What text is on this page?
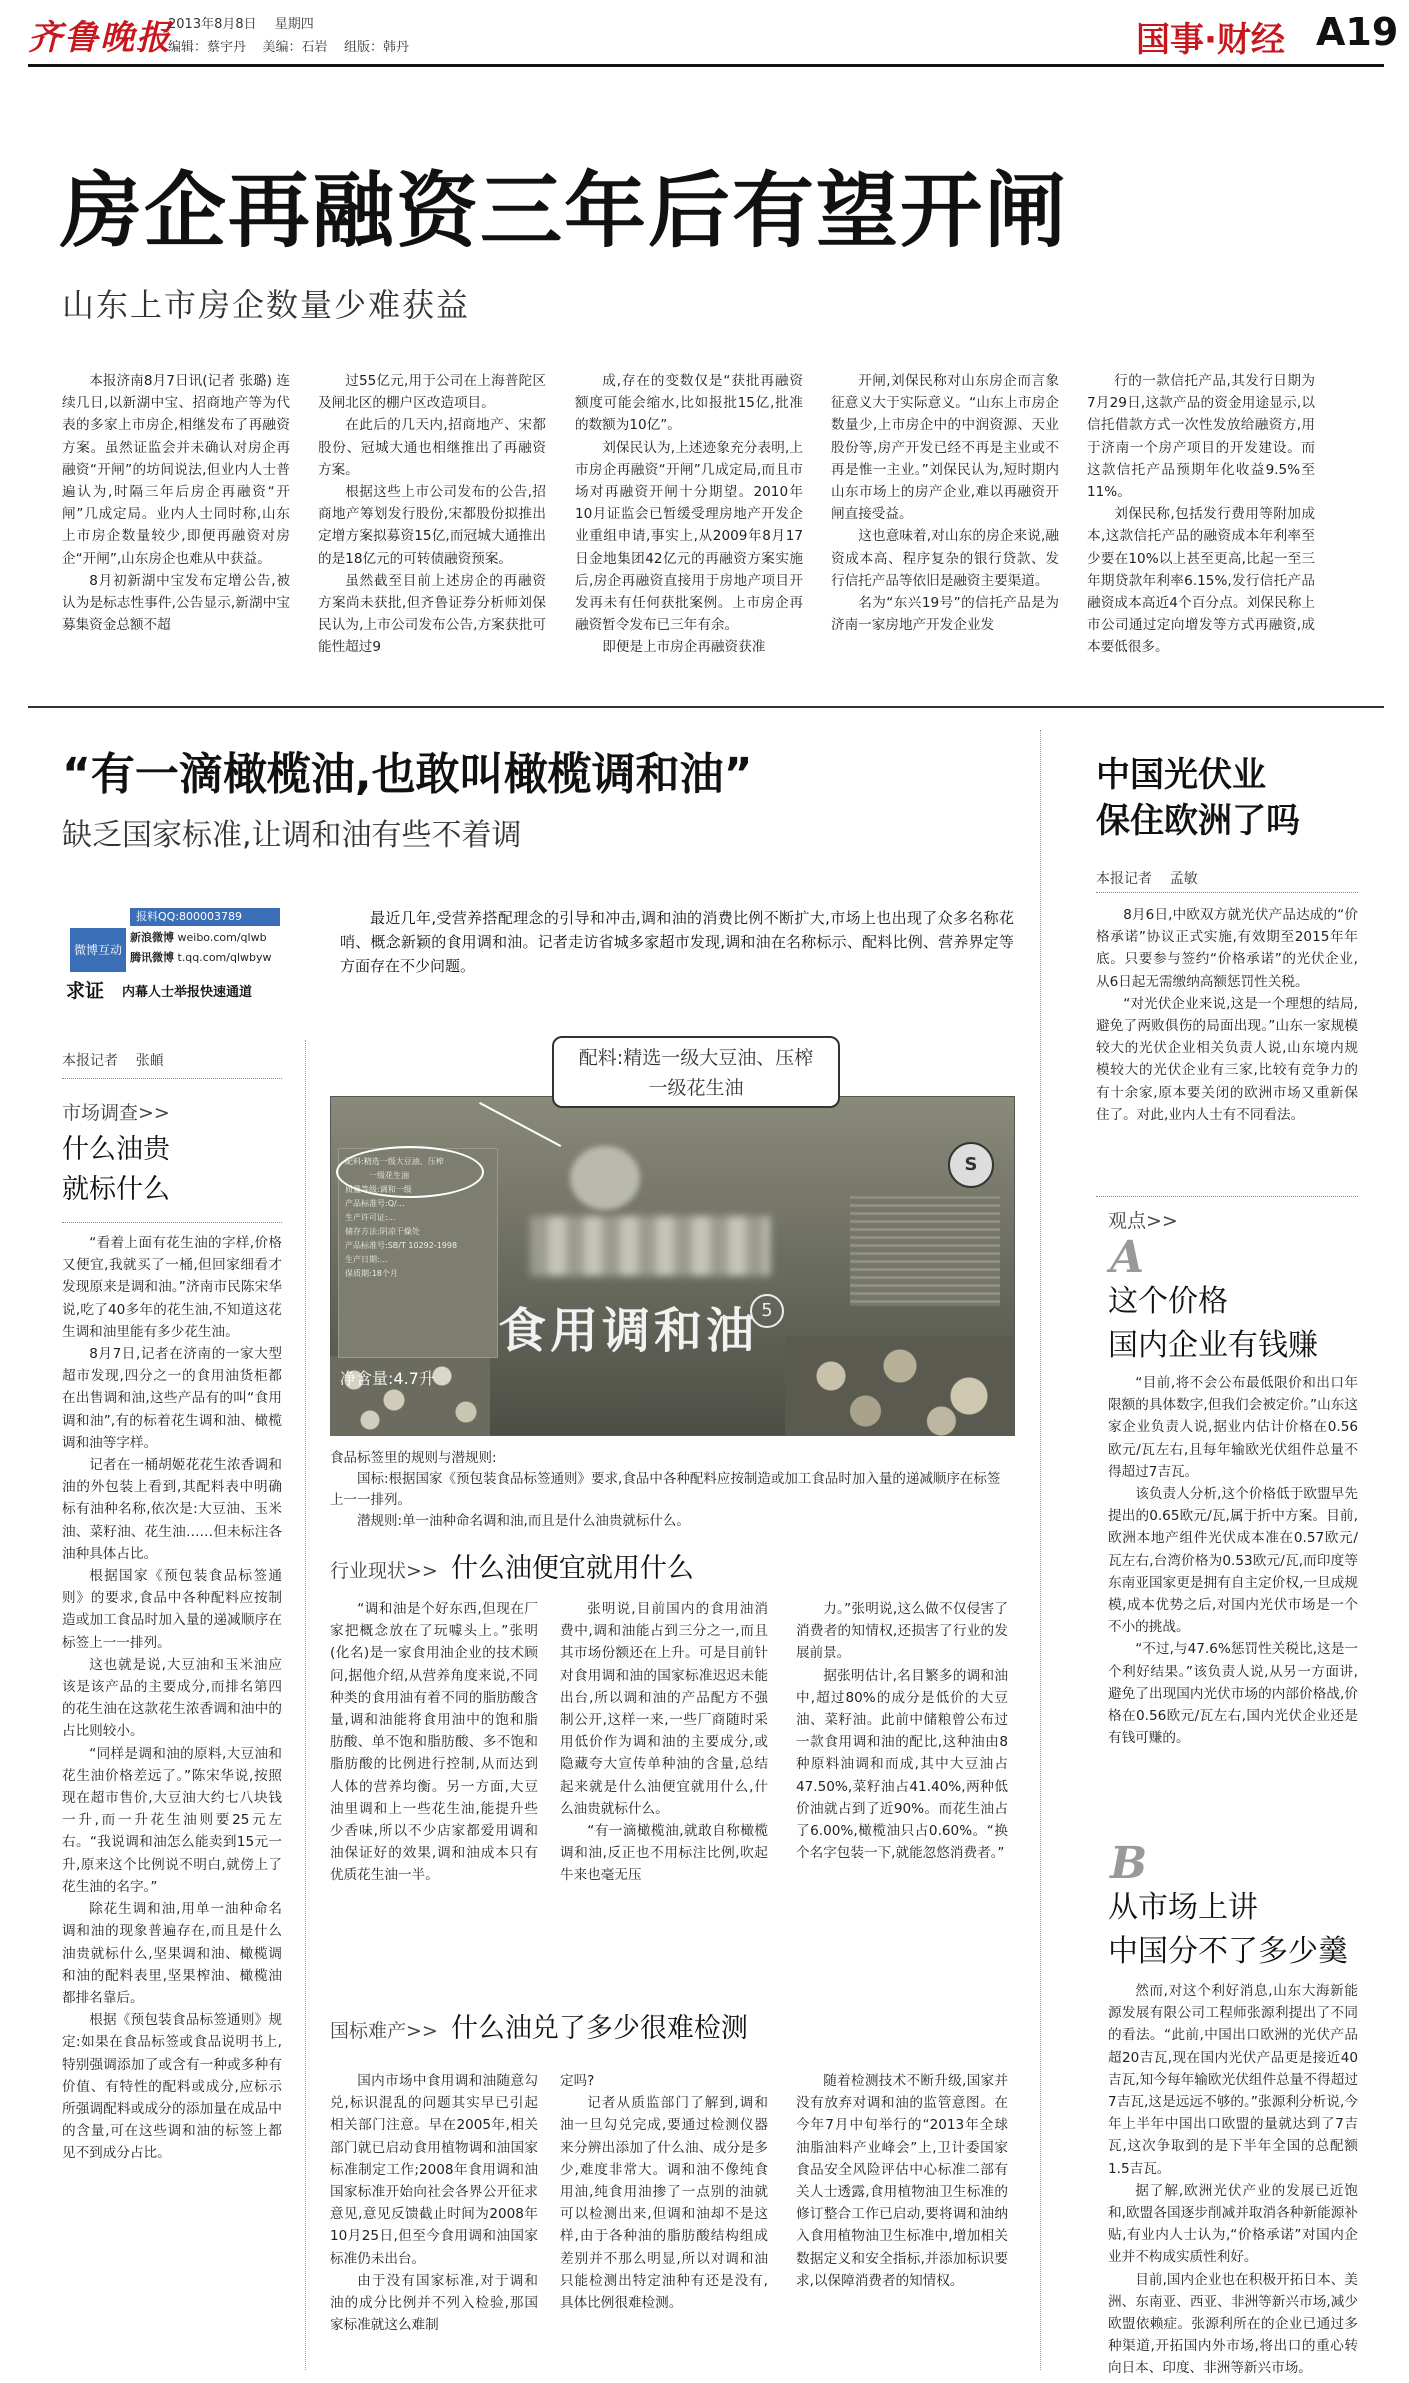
齐鲁晚报
2013年8月8日 星期四
编辑：蔡宇丹    美编：石岩    组版：韩丹	国事·财经 A19
房企再融资三年后有望开闸
山东上市房企数量少难获益

本报济南8月7日讯(记者 张璐) 连续几日,以新湖中宝、招商地产等为代表的多家上市房企,相继发布了再融资方案。虽然证监会并未确认对房企再融资“开闸”的坊间说法,但业内人士普遍认为,时隔三年后房企再融资“开闸”几成定局。业内人士同时称,山东上市房企数量较少,即便再融资对房企“开闸”,山东房企也难从中获益。

8月初新湖中宝发布定增公告,被认为是标志性事件,公告显示,新湖中宝募集资金总额不超

过55亿元,用于公司在上海普陀区及闸北区的棚户区改造项目。

在此后的几天内,招商地产、宋都股份、冠城大通也相继推出了再融资方案。

根据这些上市公司发布的公告,招商地产筹划发行股份,宋都股份拟推出定增方案拟募资15亿,而冠城大通推出的是18亿元的可转债融资预案。

虽然截至目前上述房企的再融资方案尚未获批,但齐鲁证券分析师刘保民认为,上市公司发布公告,方案获批可能性超过9

成,存在的变数仅是“获批再融资额度可能会缩水,比如报批15亿,批准的数额为10亿”。

刘保民认为,上述迹象充分表明,上市房企再融资“开闸”几成定局,而且市场对再融资开闸十分期望。2010年10月证监会已暂缓受理房地产开发企业重组申请,事实上,从2009年8月17日金地集团42亿元的再融资方案实施后,房企再融资直接用于房地产项目开发再未有任何获批案例。上市房企再融资暂令发布已三年有余。

即便是上市房企再融资获准

开闸,刘保民称对山东房企而言象征意义大于实际意义。“山东上市房企数量少,上市房企中的中润资源、天业股份等,房产开发已经不再是主业或不再是惟一主业。”刘保民认为,短时期内山东市场上的房产企业,难以再融资开闸直接受益。

这也意味着,对山东的房企来说,融资成本高、程序复杂的银行贷款、发行信托产品等依旧是融资主要渠道。

名为“东兴19号”的信托产品是为济南一家房地产开发企业发

行的一款信托产品,其发行日期为7月29日,这款产品的资金用途显示,以信托借款方式一次性发放给融资方,用于济南一个房产项目的开发建设。而这款信托产品预期年化收益9.5%至11%。

刘保民称,包括发行费用等附加成本,这款信托产品的融资成本年利率至少要在10%以上甚至更高,比起一至三年期贷款年利率6.15%,发行信托产品融资成本高近4个百分点。刘保民称上市公司通过定向增发等方式再融资,成本要低很多。

“有一滴橄榄油,也敢叫橄榄调和油”
缺乏国家标准,让调和油有些不着调
报料QQ:800003789
微博互动
新浪微博 weibo.com/qlwb
腾讯微博 t.qq.com/qlwbyw
求证 内幕人士举报快速通道
最近几年,受营养搭配理念的引导和冲击,调和油的消费比例不断扩大,市场上也出现了众多名称花哨、概念新颖的食用调和油。记者走访省城多家超市发现,调和油在名称标示、配料比例、营养界定等方面存在不少问题。
本报记者    张頔
市场调查>>
什么油贵
就标什么

“看着上面有花生油的字样,价格又便宜,我就买了一桶,但回家细看才发现原来是调和油。”济南市民陈宋华说,吃了40多年的花生油,不知道这花生调和油里能有多少花生油。

8月7日,记者在济南的一家大型超市发现,四分之一的食用油货柜都在出售调和油,这些产品有的叫“食用调和油”,有的标着花生调和油、橄榄调和油等字样。

记者在一桶胡姬花花生浓香调和油的外包装上看到,其配料表中明确标有油种名称,依次是:大豆油、玉米油、菜籽油、花生油……但未标注各油种具体占比。

根据国家《预包装食品标签通则》的要求,食品中各种配料应按制造或加工食品时加入量的递减顺序在标签上一一排列。

这也就是说,大豆油和玉米油应该是该产品的主要成分,而排名第四的花生油在这款花生浓香调和油中的占比则较小。

“同样是调和油的原料,大豆油和花生油价格差远了。”陈宋华说,按照现在超市售价,大豆油大约七八块钱一升,而一升花生油则要25元左右。“我说调和油怎么能卖到15元一升,原来这个比例说不明白,就傍上了花生油的名字。”

除花生调和油,用单一油种命名调和油的现象普遍存在,而且是什么油贵就标什么,坚果调和油、橄榄调和油的配料表里,坚果榨油、橄榄油都排名靠后。

根据《预包装食品标签通则》规定:如果在食品标签或食品说明书上,特别强调添加了或含有一种或多种有价值、有特性的配料或成分,应标示所强调配料或成分的添加量在成品中的含量,可在这些调和油的标签上都见不到成分占比。

配料:精选一级大豆油、压榨
一级花生油
质量等级:调和一级
产品标准号:Q/…
生产许可证:…
储存方法:阴凉干燥处
产品标准号:SB/T 10292-1998
生产日期:…
保质期:18个月
配料:精选一级大豆油、压榨
一级花生油
食用调和油
净含量:4.7升
S
5
食品标签里的规则与潜规则:
国标:根据国家《预包装食品标签通则》要求,食品中各种配料应按制造或加工食品时加入量的递减顺序在标签上一一排列。
潜规则:单一油种命名调和油,而且是什么油贵就标什么。
行业现状>> 什么油便宜就用什么

“调和油是个好东西,但现在厂家把概念放在了玩噱头上。”张明(化名)是一家食用油企业的技术顾问,据他介绍,从营养角度来说,不同种类的食用油有着不同的脂肪酸含量,调和油能将食用油中的饱和脂肪酸、单不饱和脂肪酸、多不饱和脂肪酸的比例进行控制,从而达到人体的营养均衡。另一方面,大豆油里调和上一些花生油,能提升些少香味,所以不少店家都爱用调和油保证好的效果,调和油成本只有优质花生油一半。

张明说,目前国内的食用油消费中,调和油能占到三分之一,而且其市场份额还在上升。可是目前针对食用调和油的国家标准迟迟未能出台,所以调和油的产品配方不强制公开,这样一来,一些厂商随时采用低价作为调和油的主要成分,或隐藏夸大宣传单种油的含量,总结起来就是什么油便宜就用什么,什么油贵就标什么。

“有一滴橄榄油,就敢自称橄榄调和油,反正也不用标注比例,吹起牛来也毫无压

力。”张明说,这么做不仅侵害了消费者的知情权,还损害了行业的发展前景。

据张明估计,名目繁多的调和油中,超过80%的成分是低价的大豆油、菜籽油。此前中储粮曾公布过一款食用调和油的配比,这种油由8种原料油调和而成,其中大豆油占47.50%,菜籽油占41.40%,两种低价油就占到了近90%。而花生油占了6.00%,橄榄油只占0.60%。“换个名字包装一下,就能忽悠消费者。”

国标难产>> 什么油兑了多少很难检测

国内市场中食用调和油随意勾兑,标识混乱的问题其实早已引起相关部门注意。早在2005年,相关部门就已启动食用植物调和油国家标准制定工作;2008年食用调和油国家标准开始向社会各界公开征求意见,意见反馈截止时间为2008年10月25日,但至今食用调和油国家标准仍未出台。

由于没有国家标准,对于调和油的成分比例并不列入检验,那国家标准就这么难制

定吗?

记者从质监部门了解到,调和油一旦勾兑完成,要通过检测仪器来分辨出添加了什么油、成分是多少,难度非常大。调和油不像纯食用油,纯食用油掺了一点别的油就可以检测出来,但调和油却不是这样,由于各种油的脂肪酸结构组成差别并不那么明显,所以对调和油只能检测出特定油种有还是没有,具体比例很难检测。

随着检测技术不断升级,国家并没有放弃对调和油的监管意图。在今年7月中旬举行的“2013年全球油脂油料产业峰会”上,卫计委国家食品安全风险评估中心标准二部有关人士透露,食用植物油卫生标准的修订整合工作已启动,要将调和油纳入食用植物油卫生标准中,增加相关数据定义和安全指标,并添加标识要求,以保障消费者的知情权。

中国光伏业
保住欧洲了吗
本报记者    孟敏

8月6日,中欧双方就光伏产品达成的“价格承诺”协议正式实施,有效期至2015年年底。只要参与签约“价格承诺”的光伏企业,从6日起无需缴纳高额惩罚性关税。

“对光伏企业来说,这是一个理想的结局,避免了两败俱伤的局面出现。”山东一家规模较大的光伏企业相关负责人说,山东境内规模较大的光伏企业有三家,比较有竞争力的有十余家,原本要关闭的欧洲市场又重新保住了。对此,业内人士有不同看法。

观点>>
A
这个价格
国内企业有钱赚

“目前,将不会公布最低限价和出口年限额的具体数字,但我们会被定价。”山东这家企业负责人说,据业内估计价格在0.56欧元/瓦左右,且每年输欧光伏组件总量不得超过7吉瓦。

该负责人分析,这个价格低于欧盟早先提出的0.65欧元/瓦,属于折中方案。目前,欧洲本地产组件光伏成本准在0.57欧元/瓦左右,台湾价格为0.53欧元/瓦,而印度等东南亚国家更是拥有自主定价权,一旦成规模,成本优势之后,对国内光伏市场是一个不小的挑战。

“不过,与47.6%惩罚性关税比,这是一个利好结果。”该负责人说,从另一方面讲,避免了出现国内光伏市场的内部价格战,价格在0.56欧元/瓦左右,国内光伏企业还是有钱可赚的。

B
从市场上讲
中国分不了多少羹

然而,对这个利好消息,山东大海新能源发展有限公司工程师张源利提出了不同的看法。“此前,中国出口欧洲的光伏产品超20吉瓦,现在国内光伏产品更是接近40吉瓦,知今每年输欧光伏组件总量不得超过7吉瓦,这是远远不够的。”张源利分析说,今年上半年中国出口欧盟的量就达到了7吉瓦,这次争取到的是下半年全国的总配额1.5吉瓦。

据了解,欧洲光伏产业的发展已近饱和,欧盟各国逐步削减并取消各种新能源补贴,有业内人士认为,“价格承诺”对国内企业并不构成实质性利好。

目前,国内企业也在积极开拓日本、美洲、东南亚、西亚、非洲等新兴市场,减少欧盟依赖症。张源利所在的企业已通过多种渠道,开拓国内外市场,将出口的重心转向日本、印度、非洲等新兴市场。
